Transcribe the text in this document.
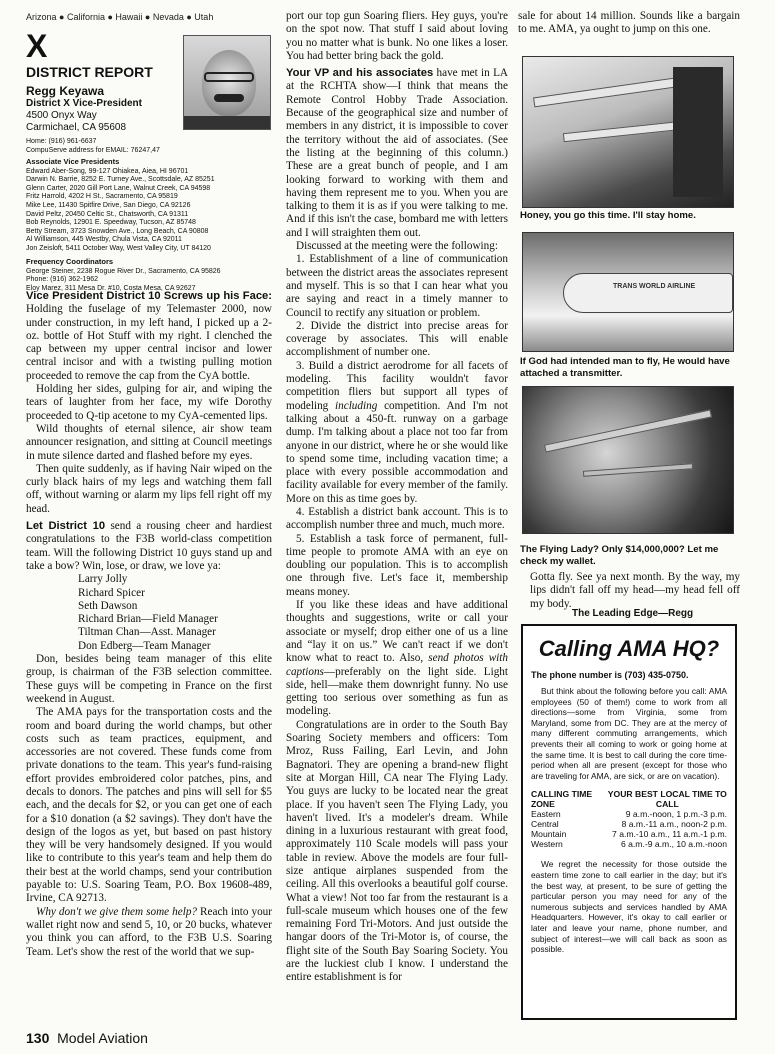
Arizona ● California ● Hawaii ● Nevada ● Utah
X
DISTRICT REPORT
Regg Keyawa
District X Vice-President
4500 Onyx Way
Carmichael, CA 95608
Home: (916) 961-6637
CompuServe address for EMAIL: 76247,47
Associate Vice Presidents
Edward Aber-Song, 99-127 Ohiakea, Aiea, HI 96701
Darwin N. Barrie, 8252 E. Turney Ave., Scottsdale, AZ 85251
Glenn Carter, 2020 Gill Port Lane, Walnut Creek, CA 94598
Fritz Harrold, 4202 H St., Sacramento, CA 95819
Mike Lee, 11430 Spitfire Drive, San Diego, CA 92126
David Peltz, 20450 Celtic St., Chatsworth, CA 91311
Bob Reynolds, 12901 E. Speedway, Tucson, AZ 85748
Betty Stream, 3723 Snowden Ave., Long Beach, CA 90808
Al Williamson, 445 Westby, Chula Vista, CA 92011
Jon Zeisloft, 5411 October Way, West Valley City, UT 84120
Frequency Coordinators
George Steiner, 2238 Rogue River Dr., Sacramento, CA 95826
Phone: (916) 362-1962
Eloy Marez, 311 Mesa Dr. #10, Costa Mesa, CA 92627

Vice President District 10 Screws up his Face: Holding the fuselage of my Telemaster 2000, now under construction, in my left hand, I picked up a 2-oz. bottle of Hot Stuff with my right. I clenched the cap between my upper central incisor and lower central incisor and with a twisting pulling motion proceeded to remove the cap from the CyA bottle.

Holding her sides, gulping for air, and wiping the tears of laughter from her face, my wife Dorothy proceeded to Q-tip acetone to my CyA-cemented lips.

Wild thoughts of eternal silence, air show team announcer resignation, and sitting at Council meetings in mute silence darted and flashed before my eyes.

Then quite suddenly, as if having Nair wiped on the curly black hairs of my legs and watching them fall off, without warning or alarm my lips fell right off my head.

Let District 10 send a rousing cheer and hardiest congratulations to the F3B world-class competition team. Will the following District 10 guys stand up and take a bow? Win, lose, or draw, we love ya:

Larry Jolly
Richard Spicer
Seth Dawson
Richard Brian—Field Manager
Tiltman Chan—Asst. Manager
Don Edberg—Team Manager

Don, besides being team manager of this elite group, is chairman of the F3B selection committee. These guys will be competing in France on the first weekend in August.

The AMA pays for the transportation costs and the room and board during the world champs, but other costs such as team practices, equipment, and accessories are not covered. These funds come from private donations to the team. This year's fund-raising effort provides embroidered color patches, pins, and decals to donors. The patches and pins will sell for $5 each, and the decals for $2, or you can get one of each for a $10 donation (a $2 savings). They don't have the design of the logos as yet, but based on past history they will be very handsomely designed. If you would like to contribute to this year's team and help them do their best at the world champs, send your contribution payable to: U.S. Soaring Team, P.O. Box 19608-489, Irvine, CA 92713.

Why don't we give them some help? Reach into your wallet right now and send 5, 10, or 20 bucks, whatever you think you can afford, to the F3B U.S. Soaring Team. Let's show the rest of the world that we sup-

port our top gun Soaring fliers. Hey guys, you're on the spot now. That stuff I said about loving you no matter what is bunk. No one likes a loser. You had better bring back the gold.

Your VP and his associates have met in LA at the RCHTA show—I think that means the Remote Control Hobby Trade Association. Because of the geographical size and number of members in any district, it is impossible to cover the territory without the aid of associates. (See the listing at the beginning of this column.) These are a great bunch of people, and I am looking forward to working with them and having them represent me to you. When you are talking to them it is as if you were talking to me. And if this isn't the case, bombard me with letters and I will straighten them out.

Discussed at the meeting were the following:

1. Establishment of a line of communication between the district areas the associates represent and myself. This is so that I can hear what you are saying and react in a timely manner to Council to rectify any situation or problem.

2. Divide the district into precise areas for coverage by associates. This will enable accomplishment of number one.

3. Build a district aerodrome for all facets of modeling. This facility wouldn't favor competition fliers but support all types of modeling including competition. And I'm not talking about a 450-ft. runway on a garbage dump. I'm talking about a place not too far from anyone in our district, where he or she would like to spend some time, including vacation time; a place with every possible accommodation and facility available for every member of the family. More on this as time goes by.

4. Establish a district bank account. This is to accomplish number three and much, much more.

5. Establish a task force of permanent, full-time people to promote AMA with an eye on doubling our population. This is to accomplish one through five. Let's face it, membership means money.

If you like these ideas and have additional thoughts and suggestions, write or call your associate or myself; drop either one of us a line and “lay it on us.” We can't react if we don't know what to react to. Also, send photos with captions—preferably on the light side. Light side, hell—make them downright funny. No use getting too serious over something as fun as modeling.

Congratulations are in order to the South Bay Soaring Society members and officers: Tom Mroz, Russ Failing, Earl Levin, and John Bagnatori. They are opening a brand-new flight site at Morgan Hill, CA near The Flying Lady. You guys are lucky to be located near the great place. If you haven't seen The Flying Lady, you haven't lived. It's a modeler's dream. While dining in a luxurious restaurant with great food, approximately 110 Scale models will pass your table in review. Above the models are four full-size antique airplanes suspended from the ceiling. All this overlooks a beautiful golf course. What a view! Not too far from the restaurant is a full-scale museum which houses one of the few remaining Ford Tri-Motors. And just outside the hangar doors of the Tri-Motor is, of course, the flight site of the South Bay Soaring Society. You are the luckiest club I know. I understand the entire establishment is for

sale for about 14 million. Sounds like a bargain to me. AMA, ya ought to jump on this one.

Honey, you go this time. I'll stay home.
TRANS WORLD AIRLINE
If God had intended man to fly, He would have attached a transmitter.
The Flying Lady? Only $14,000,000? Let me check my wallet.

Gotta fly. See ya next month. By the way, my lips didn't fall off my head—my head fell off my body.

The Leading Edge—Regg
Calling AMA HQ?
The phone number is (703) 435-0750.
But think about the following before you call: AMA employees (50 of them!) come to work from all directions—some from Virginia, some from Maryland, some from DC. They are at the mercy of many different commuting arrangements, which prevents their all coming to work or going home at the same time. It is best to call during the core time-period when all are present (except for those who are traveling for AMA, are sick, or are on vacation).
CALLING TIME ZONE	YOUR BEST LOCAL TIME TO CALL
Eastern	9 a.m.-noon, 1 p.m.-3 p.m.
Central	8 a.m.-11 a.m., noon-2 p.m.
Mountain	7 a.m.-10 a.m., 11 a.m.-1 p.m.
Western	6 a.m.-9 a.m., 10 a.m.-noon
We regret the necessity for those outside the eastern time zone to call earlier in the day; but it's the best way, at present, to be sure of getting the particular person you may need for any of the numerous subjects and services handled by AMA Headquarters. However, it's okay to call earlier or later and leave your name, phone number, and subject of interest—we will call back as soon as possible.
130 Model Aviation
